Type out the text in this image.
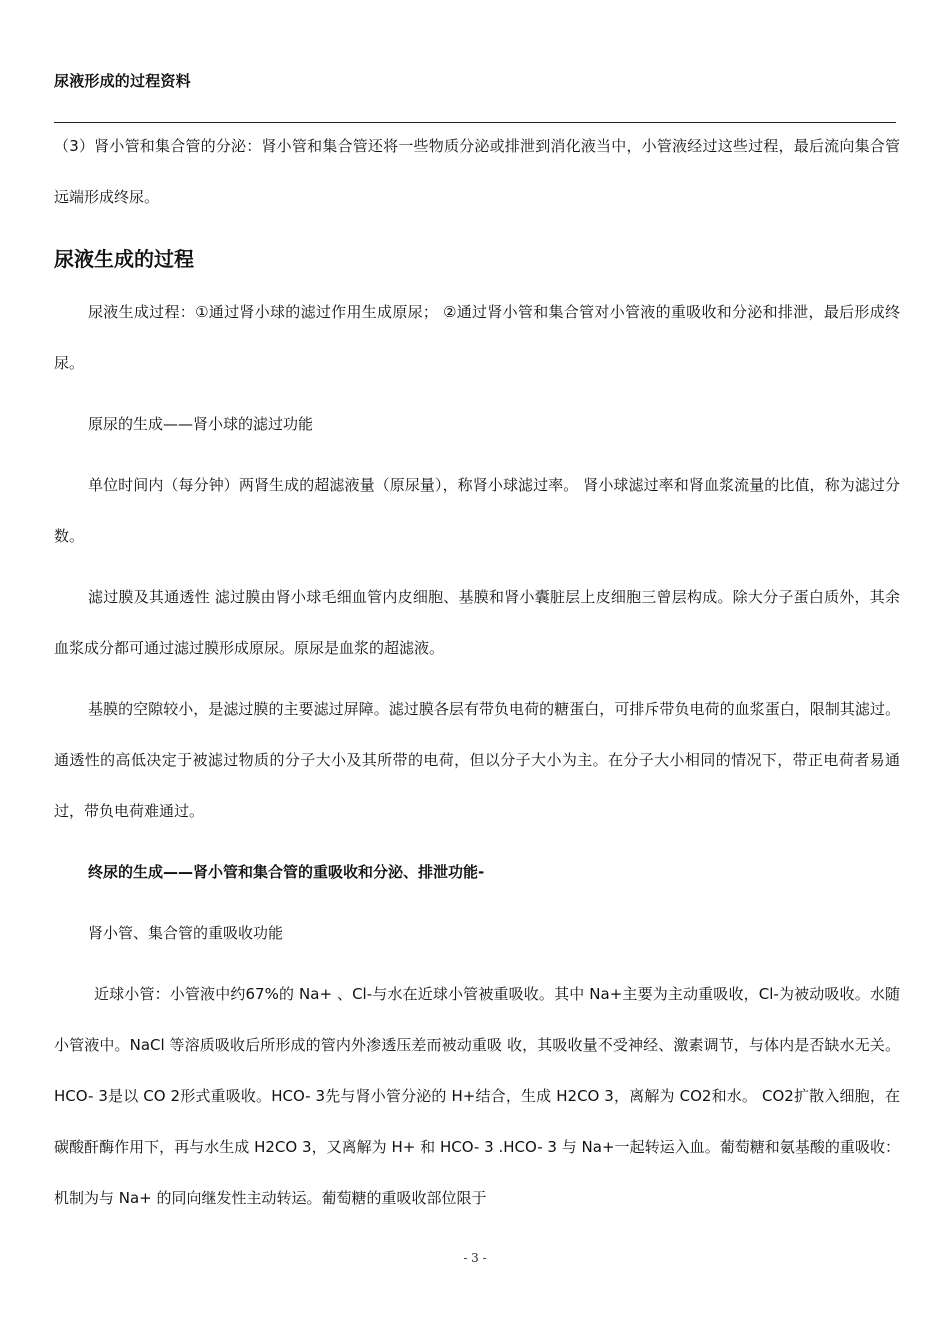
尿液形成的过程资料

（3）肾小管和集合管的分泌：肾小管和集合管还将一些物质分泌或排泄到消化液当中，小管液经过这些过程，最后流向集合管远端形成终尿。

尿液生成的过程

尿液生成过程：①通过肾小球的滤过作用生成原尿； ②通过肾小管和集合管对小管液的重吸收和分泌和排泄，最后形成终尿。

原尿的生成——肾小球的滤过功能

单位时间内（每分钟）两肾生成的超滤液量（原尿量），称肾小球滤过率。 肾小球滤过率和肾血浆流量的比值，称为滤过分数。

滤过膜及其通透性 滤过膜由肾小球毛细血管内皮细胞、基膜和肾小囊脏层上皮细胞三曾层构成。除大分子蛋白质外，其余血浆成分都可通过滤过膜形成原尿。原尿是血浆的超滤液。

基膜的空隙较小，是滤过膜的主要滤过屏障。滤过膜各层有带负电荷的糖蛋白，可排斥带负电荷的血浆蛋白，限制其滤过。通透性的高低决定于被滤过物质的分子大小及其所带的电荷，但以分子大小为主。在分子大小相同的情况下，带正电荷者易通过，带负电荷难通过。

终尿的生成——肾小管和集合管的重吸收和分泌、排泄功能-

肾小管、集合管的重吸收功能

近球小管：小管液中约67%的 Na+ 、Cl-与水在近球小管被重吸收。其中 Na+主要为主动重吸收，Cl-为被动吸收。水随小管液中。NaCl 等溶质吸收后所形成的管内外渗透压差而被动重吸 收，其吸收量不受神经、激素调节，与体内是否缺水无关。HCO- 3是以 CO 2形式重吸收。HCO- 3先与肾小管分泌的 H+结合，生成 H2CO 3，离解为 CO2和水。 CO2扩散入细胞，在碳酸酐酶作用下，再与水生成 H2CO 3，又离解为 H+ 和 HCO- 3 .HCO- 3 与 Na+一起转运入血。葡萄糖和氨基酸的重吸收：机制为与 Na+ 的同向继发性主动转运。葡萄糖的重吸收部位限于

- 3 -
